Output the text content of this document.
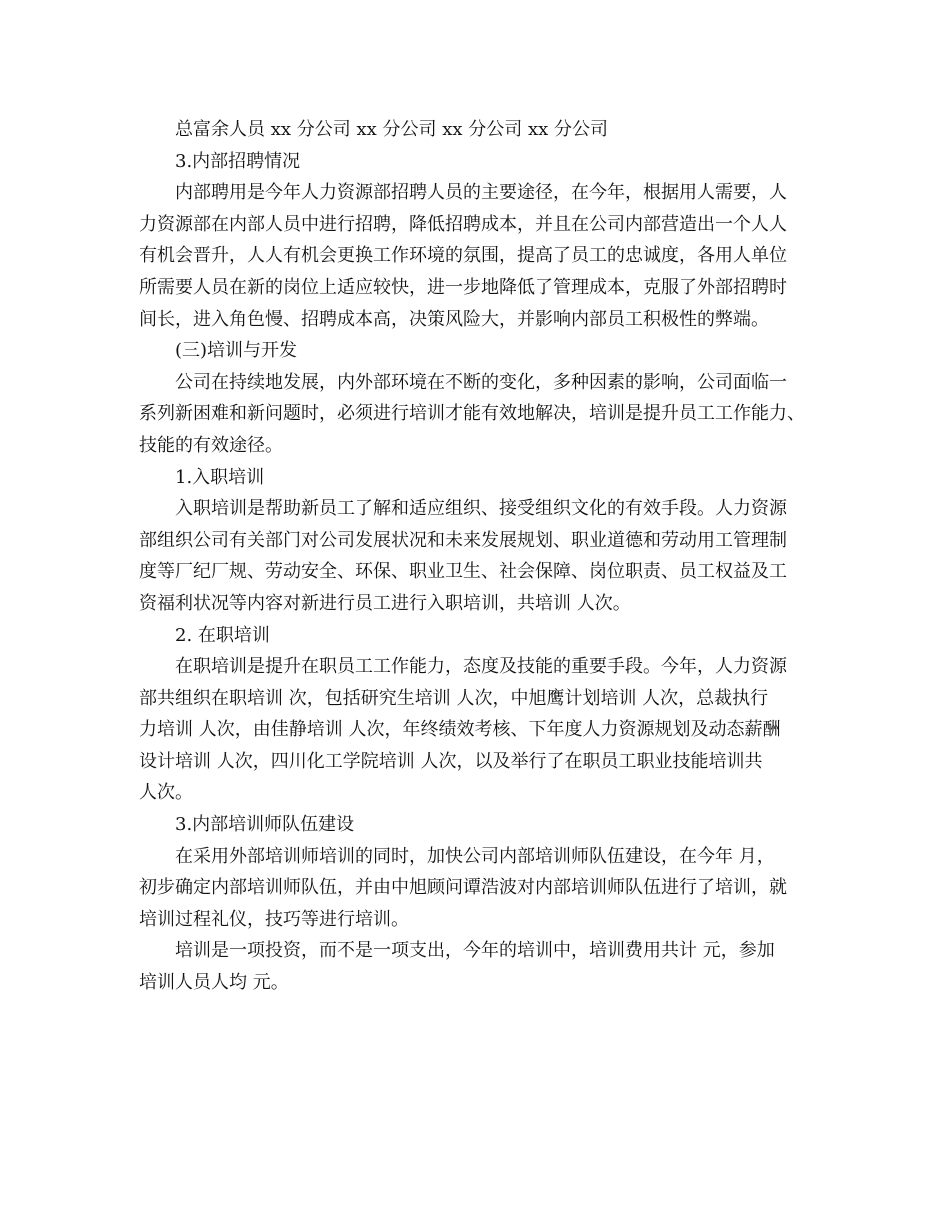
总富余人员 xx 分公司 xx 分公司 xx 分公司 xx 分公司
3.内部招聘情况
内部聘用是今年人力资源部招聘人员的主要途径，在今年，根据用人需要，人
力资源部在内部人员中进行招聘，降低招聘成本，并且在公司内部营造出一个人人
有机会晋升，人人有机会更换工作环境的氛围，提高了员工的忠诚度，各用人单位
所需要人员在新的岗位上适应较快，进一步地降低了管理成本，克服了外部招聘时
间长，进入角色慢、招聘成本高，决策风险大，并影响内部员工积极性的弊端。
(三)培训与开发
公司在持续地发展，内外部环境在不断的变化，多种因素的影响，公司面临一
系列新困难和新问题时，必须进行培训才能有效地解决，培训是提升员工工作能力、
技能的有效途径。
1.入职培训
入职培训是帮助新员工了解和适应组织、接受组织文化的有效手段。人力资源
部组织公司有关部门对公司发展状况和未来发展规划、职业道德和劳动用工管理制
度等厂纪厂规、劳动安全、环保、职业卫生、社会保障、岗位职责、员工权益及工
资福利状况等内容对新进行员工进行入职培训，共培训 人次。
2. 在职培训
在职培训是提升在职员工工作能力，态度及技能的重要手段。今年，人力资源
部共组织在职培训 次，包括研究生培训 人次，中旭鹰计划培训 人次，总裁执行
力培训 人次，由佳静培训 人次，年终绩效考核、下年度人力资源规划及动态薪酬
设计培训 人次，四川化工学院培训 人次，以及举行了在职员工职业技能培训共
人次。
3.内部培训师队伍建设
在采用外部培训师培训的同时，加快公司内部培训师队伍建设，在今年 月，
初步确定内部培训师队伍，并由中旭顾问谭浩波对内部培训师队伍进行了培训，就
培训过程礼仪，技巧等进行培训。
培训是一项投资，而不是一项支出，今年的培训中，培训费用共计 元，参加
培训人员人均 元。
